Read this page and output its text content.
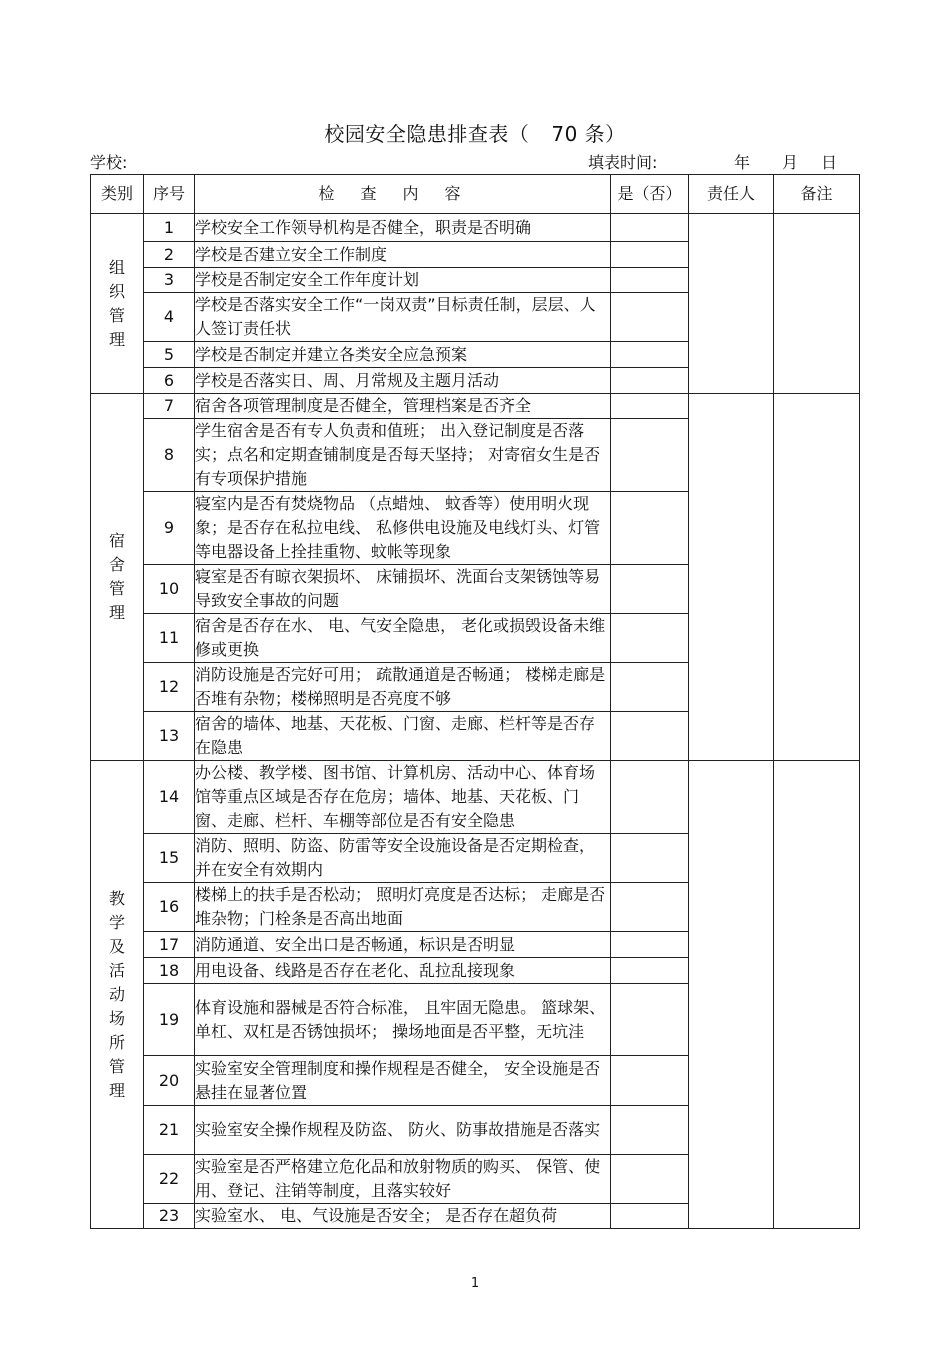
校园安全隐患排查表（ 70 条）
学校:	填表时间:	年	月	日
类别	序号	检查内容	是（否）	责任人	备注
组织管理	1	学校安全工作领导机构是否健全，职责是否明确			
	2	学校是否建立安全工作制度			
	3	学校是否制定安全工作年度计划			
	4	学校是否落实安全工作“一岗双责”目标责任制，层层、人人签订责任状			
	5	学校是否制定并建立各类安全应急预案			
	6	学校是否落实日、周、月常规及主题月活动			
宿舍管理	7	宿舍各项管理制度是否健全，管理档案是否齐全			
	8	学生宿舍是否有专人负责和值班； 出入登记制度是否落实；点名和定期查铺制度是否每天坚持； 对寄宿女生是否有专项保护措施			
	9	寝室内是否有焚烧物品 （点蜡烛、 蚊香等）使用明火现象；是否存在私拉电线、 私修供电设施及电线灯头、灯管等电器设备上拴挂重物、蚊帐等现象			
	10	寝室是否有晾衣架损坏、 床铺损坏、洗面台支架锈蚀等易导致安全事故的问题			
	11	宿舍是否存在水、 电、气安全隐患， 老化或损毁设备未维修或更换			
	12	消防设施是否完好可用； 疏散通道是否畅通； 楼梯走廊是否堆有杂物；楼梯照明是否亮度不够			
	13	宿舍的墙体、地基、天花板、门窗、走廊、栏杆等是否存在隐患			
教学及活动场所管理	14	办公楼、教学楼、图书馆、计算机房、活动中心、体育场馆等重点区域是否存在危房；墙体、地基、天花板、门窗、走廊、栏杆、车棚等部位是否有安全隐患			
	15	消防、照明、防盗、防雷等安全设施设备是否定期检查，并在安全有效期内			
	16	楼梯上的扶手是否松动； 照明灯亮度是否达标； 走廊是否堆杂物；门栓条是否高出地面			
	17	消防通道、安全出口是否畅通，标识是否明显			
	18	用电设备、线路是否存在老化、乱拉乱接现象			
	19	体育设施和器械是否符合标准， 且牢固无隐患。 篮球架、单杠、双杠是否锈蚀损坏； 操场地面是否平整，无坑洼			
	20	实验室安全管理制度和操作规程是否健全， 安全设施是否悬挂在显著位置			
	21	实验室安全操作规程及防盗、 防火、防事故措施是否落实			
	22	实验室是否严格建立危化品和放射物质的购买、 保管、使用、登记、注销等制度，且落实较好			
	23	实验室水、 电、气设施是否安全； 是否存在超负荷			
1
